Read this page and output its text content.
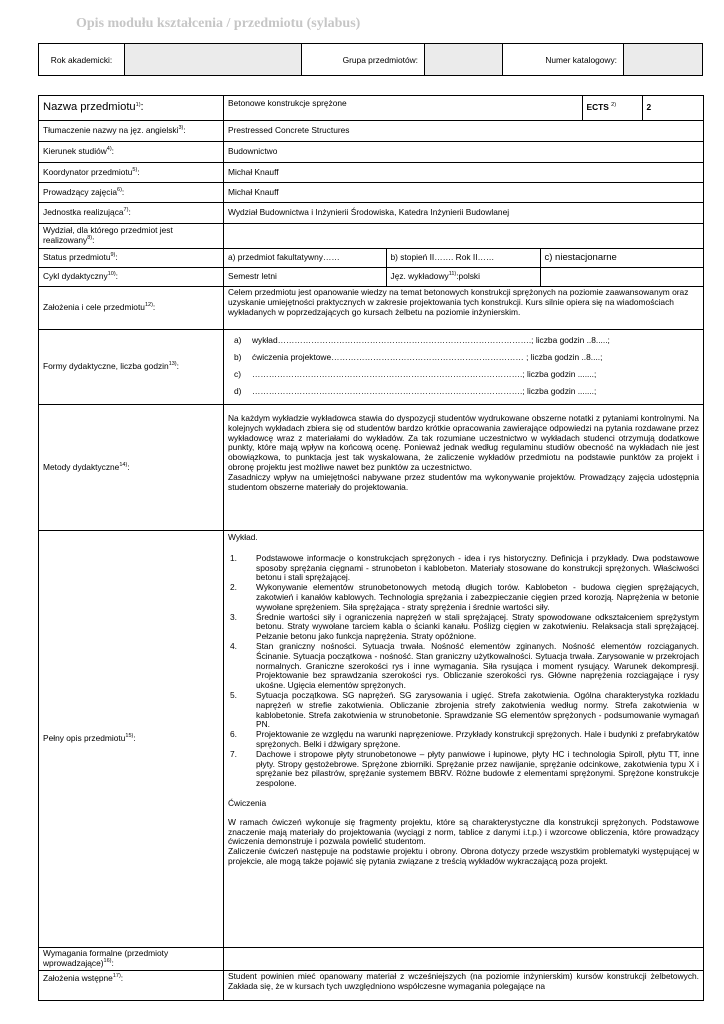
Opis modułu kształcenia / przedmiotu (sylabus)
Rok akademicki:	Grupa przedmiotów:	Numer katalogowy:
Nazwa przedmiotu$^{1)}$:		Betonowe konstrukcje sprężone	ECTS $^{2)}$	2

Tłumaczenie nazwy na jęz. angielski$^{3)}$:	Prestressed Concrete Structures
Kierunek studiów$^{4)}$:	Budownictwo
Koordynator przedmiotu$^{5)}$:	Michał Knauff
Prowadzący zajęcia$^{6)}$:	Michał Knauff
Jednostka realizująca$^{7)}$:	Wydział Budownictwa i Inżynierii Środowiska, Katedra Inżynierii Budowlanej
Wydział, dla którego przedmiot jest realizowany$^{8)}$:	
Status przedmiotu$^{9)}$:		a) przedmiot fakultatywny……	b) stopień II……. Rok II……	c) niestacjonarne

Cykl dydaktyczny$^{10)}$:		Semestr letni	Jęz. wykładowy$^{11)}$:polski	

Założenia i cele przedmiotu$^{12)}$:	Celem przedmiotu jest opanowanie wiedzy na temat betonowych konstrukcji sprężonych na poziomie zaawansowanym oraz uzyskanie umiejętności praktycznych w zakresie projektowania tych konstrukcji. Kurs silnie opiera się na wiadomościach wykładanych w poprzedzających go kursach żelbetu na poziomie inżynierskim.
Formy dydaktyczne, liczba godzin$^{13)}$:	
a)	wykład……………………………………………………………………………….; liczba godzin ..8.....;
b)	ćwiczenia projektowe…………………………………………………………… ; liczba godzin ..8....;
c)	…………………………………………………………………………………….; liczba godzin .......;
d)	…………………………………………………………………………………….; liczba godzin .......;

Metody dydaktyczne$^{14)}$:	
Na każdym wykładzie wykładowca stawia do dyspozycji studentów wydrukowane obszerne notatki z pytaniami kontrolnymi. Na kolejnych wykładach zbiera się od studentów bardzo krótkie opracowania zawierające odpowiedzi na pytania rozdawane przez wykładowcę wraz z materiałami do wykładów. Za tak rozumiane uczestnictwo w wykładach studenci otrzymują dodatkowe punkty, które mają wpływ na końcową ocenę. Ponieważ jednak według regulaminu studiów obecność na wykładach nie jest obowiązkowa, to punktacja jest tak wyskalowana, że zaliczenie wykładów przedmiotu na podstawie punktów za projekt i obronę projektu jest możliwe nawet bez punktów za uczestnictwo.
Zasadniczy wpływ na umiejętności nabywane przez studentów ma wykonywanie projektów. Prowadzący zajęcia udostępnia studentom obszerne materiały do projektowania.

Pełny opis przedmiotu$^{15)}$:	
Wykład.
1.	Podstawowe informacje o konstrukcjach sprężonych - idea i rys historyczny. Definicja i przykłady. Dwa podstawowe sposoby sprężania cięgnami - strunobeton i kablobeton. Materiały stosowane do konstrukcji sprężonych. Właściwości betonu i stali sprężającej.
2.	Wykonywanie elementów strunobetonowych metodą długich torów. Kablobeton - budowa cięgien sprężających, zakotwień i kanałów kablowych. Technologia sprężania i zabezpieczanie cięgien przed korozją. Naprężenia w betonie wywołane sprężeniem. Siła sprężająca - straty sprężenia i średnie wartości siły.
3.	Średnie wartości siły i ograniczenia naprężeń w stali sprężającej. Straty spowodowane odkształceniem sprężystym betonu. Straty wywołane tarciem kabla o ścianki kanału. Poślizg cięgien w zakotwieniu. Relaksacja stali sprężającej. Pełzanie betonu jako funkcja naprężenia. Straty opóźnione.
4.	Stan graniczny nośności. Sytuacja trwała. Nośność elementów zginanych. Nośność elementów rozciąganych. Ścinanie. Sytuacja początkowa - nośność. Stan graniczny użytkowalności. Sytuacja trwała. Zarysowanie w przekrojach normalnych. Graniczne szerokości rys i inne wymagania. Siła rysująca i moment rysujący. Warunek dekompresji. Projektowanie bez sprawdzania szerokości rys. Obliczanie szerokości rys. Główne naprężenia rozciągające i rysy ukośne. Ugięcia elementów sprężonych.
5.	Sytuacja początkowa. SG naprężeń. SG zarysowania i ugięć. Strefa zakotwienia. Ogólna charakterystyka rozkładu naprężeń w strefie zakotwienia. Obliczanie zbrojenia strefy zakotwienia według normy. Strefa zakotwienia w kablobetonie. Strefa zakotwienia w strunobetonie. Sprawdzanie SG elementów sprężonych - podsumowanie wymagań PN.
6.	Projektowanie ze względu na warunki napręzeniowe. Przykłady konstrukcji sprężonych. Hale i budynki z prefabrykatów sprężonych. Belki i dźwigary sprężone.
7.	Dachowe i stropowe płyty strunobetonowe – płyty panwiowe i łupinowe, płyty HC i technologia Spiroll, płytu TT, inne płyty. Stropy gęstożebrowe. Sprężone zbiorniki. Sprężanie przez nawijanie, sprężanie odcinkowe, zakotwienia typu X i sprężanie bez pilastrów, sprężanie systemem BBRV. Różne budowle z elementami sprężonymi. Sprężone konstrukcje zespolone.
Ćwiczenia
W ramach ćwiczeń wykonuje się fragmenty projektu, które są charakterystyczne dla konstrukcji sprężonych. Podstawowe znaczenie mają materiały do projektowania (wyciągi z norm, tablice z danymi i.t.p.) i wzorcowe obliczenia, które prowadzący ćwiczenia demonstruje i pozwala powielić studentom.
Zaliczenie ćwiczeń następuje na podstawie projektu i obrony. Obrona dotyczy przede wszystkim problematyki występującej w projekcie, ale mogą także pojawić się pytania związane z treścią wykładów wykraczającą poza projekt.

Wymagania formalne (przedmioty wprowadzające)$^{16)}$:	
Założenia wstępne$^{17)}$:	Student powinien mieć opanowany materiał z wcześniejszych (na poziomie inżynierskim) kursów konstrukcji żelbetowych. Zakłada się, że w kursach tych uwzględniono współczesne wymagania polegające na
